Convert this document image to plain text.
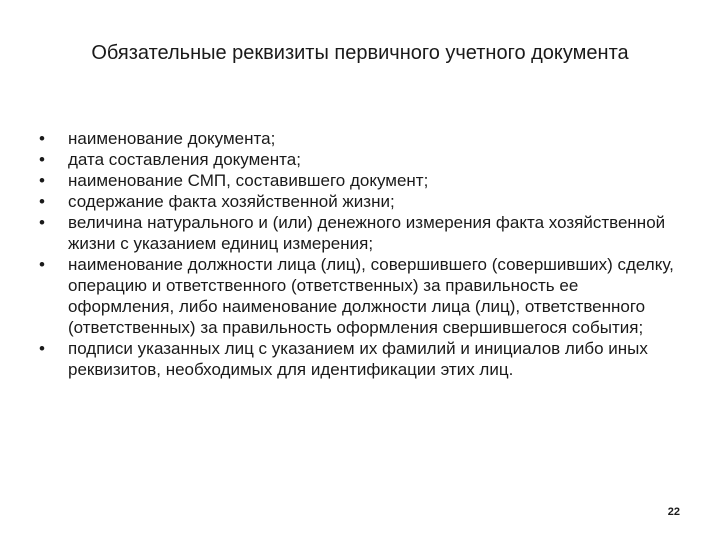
Обязательные реквизиты первичного учетного документа
• наименование документа;
• дата составления документа;
• наименование СМП, составившего документ;
• содержание факта хозяйственной жизни;
• величина натурального и (или) денежного измерения факта хозяйственной жизни с указанием единиц измерения;
• наименование должности лица (лиц), совершившего (совершивших) сделку, операцию и ответственного (ответственных) за правильность ее оформления, либо наименование должности лица (лиц), ответственного (ответственных) за правильность оформления свершившегося события;
• подписи указанных лиц с указанием их фамилий и инициалов либо иных реквизитов, необходимых для идентификации этих лиц.
22
